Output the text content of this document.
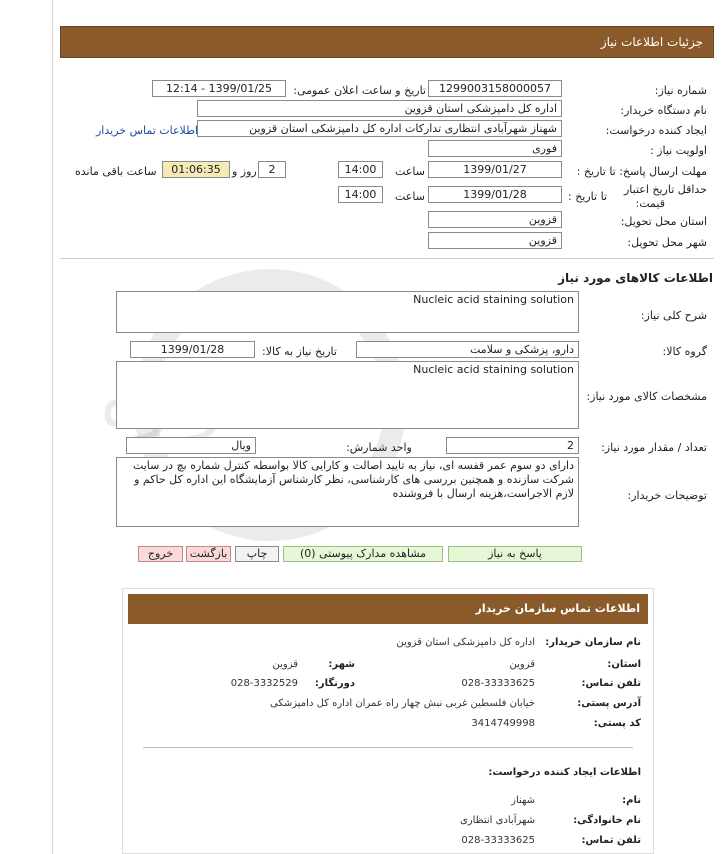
جزئیات اطلاعات نیاز
شماره نیاز:
1299003158000057
تاریخ و ساعت اعلان عمومی:
1399/01/25 - 12:14
نام دستگاه خریدار:
اداره کل دامپزشکی استان قزوین
ایجاد کننده درخواست:
شهناز شهرآبادی انتظاری تدارکات اداره کل دامپزشکی استان قزوین
اطلاعات تماس خریدار
اولویت نیاز :
فوری
مهلت ارسال پاسخ: تا تاریخ :
1399/01/27
ساعت
14:00
2
روز و
01:06:35
ساعت باقی مانده
حداقل تاریخ اعتبار
قیمت:
تا تاریخ :
1399/01/28
ساعت
14:00
استان محل تحویل:
قزوین
شهر محل تحویل:
قزوین
اطلاعات کالاهای مورد نیاز
شرح کلی نیاز:
Nucleic acid staining solution
گروه کالا:
دارو، پزشکی و سلامت
تاریخ نیاز به کالا:
1399/01/28
مشخصات کالای مورد نیاز:
Nucleic acid staining solution
تعداد / مقدار مورد نیاز:
2
واحد شمارش:
ویال
توضیحات خریدار:
دارای دو سوم عمر قفسه ای، نیاز به تایید اصالت و کارایی کالا بواسطه کنترل شماره بچ در سایت شرکت سازنده و همچنین بررسی های کارشناسی، نظر کارشناس آزمایشگاه این اداره کل حاکم و لازم الاجراست،هزینه ارسال با فروشنده
پاسخ به نیاز
مشاهده مدارک پیوستی (0)
چاپ
بازگشت
خروج
اطلاعات تماس سازمان خریدار
نام سازمان خریدار:
اداره کل دامپزشکی استان قزوین
استان:
قزوین
شهر:
قزوین
تلفن تماس:
028-33333625
دورنگار:
028-3332529
آدرس پستی:
خیابان فلسطین غربی نبش چهار راه عمران اداره کل دامپزشکی
کد پستی:
3414749998
اطلاعات ایجاد کننده درخواست:
نام:
شهناز
نام خانوادگی:
شهرآبادی انتظاری
تلفن تماس:
028-33333625
